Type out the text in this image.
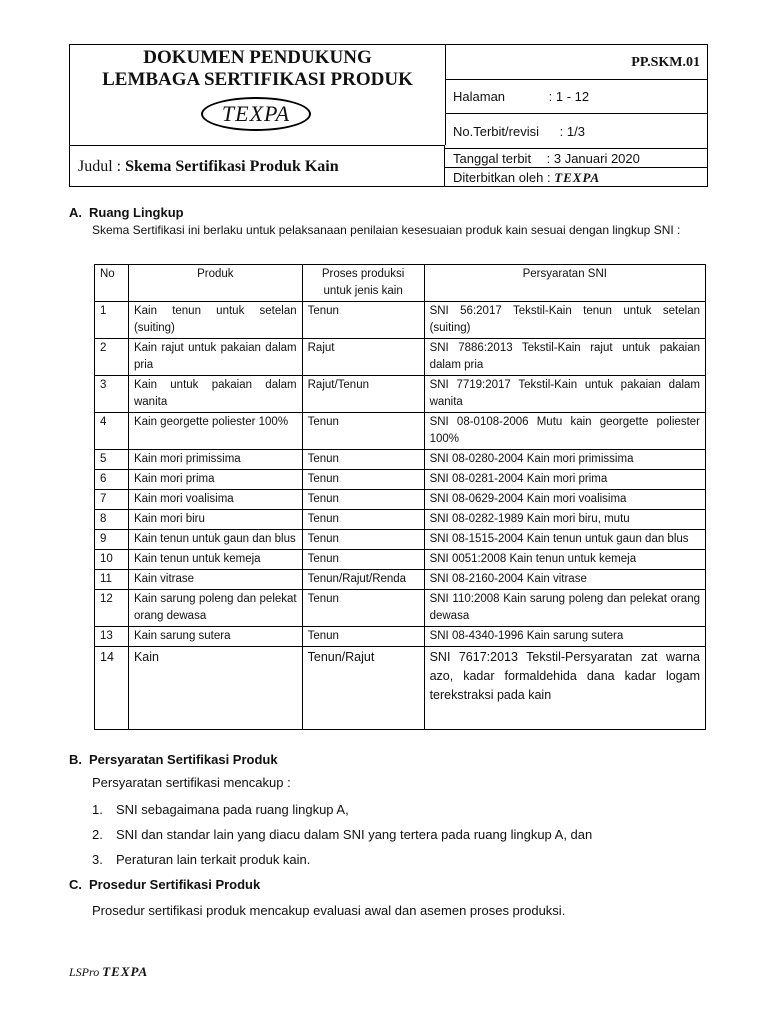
DOKUMEN PENDUKUNG
LEMBAGA SERTIFIKASI PRODUK
TEXPA
Judul : Skema Sertifikasi Produk Kain
PP.SKM.01
Halaman	: 1 - 12
No.Terbit/revisi : 1/3
Tanggal terbit : 3 Januari 2020
Diterbitkan oleh : TEXPA
A. Ruang Lingkup
Skema Sertifikasi ini berlaku untuk pelaksanaan penilaian kesesuaian produk kain sesuai dengan lingkup SNI :
No	Produk	Proses produksi untuk jenis kain	Persyaratan SNI
1	Kain tenun untuk setelan (suiting)	Tenun	SNI 56:2017 Tekstil-Kain tenun untuk setelan (suiting)
2	Kain rajut untuk pakaian dalam pria	Rajut	SNI 7886:2013 Tekstil-Kain rajut untuk pakaian dalam pria
3	Kain untuk pakaian dalam wanita	Rajut/Tenun	SNI 7719:2017 Tekstil-Kain untuk pakaian dalam wanita
4	Kain georgette poliester 100%	Tenun	SNI 08-0108-2006 Mutu kain georgette poliester 100%
5	Kain mori primissima	Tenun	SNI 08-0280-2004 Kain mori primissima
6	Kain mori prima	Tenun	SNI 08-0281-2004 Kain mori prima
7	Kain mori voalisima	Tenun	SNI 08-0629-2004 Kain mori voalisima
8	Kain mori biru	Tenun	SNI 08-0282-1989 Kain mori biru, mutu
9	Kain tenun untuk gaun dan blus	Tenun	SNI 08-1515-2004 Kain tenun untuk gaun dan blus
10	Kain tenun untuk kemeja	Tenun	SNI 0051:2008 Kain tenun untuk kemeja
11	Kain vitrase	Tenun/Rajut/Renda	SNI 08-2160-2004 Kain vitrase
12	Kain sarung poleng dan pelekat orang dewasa	Tenun	SNI 110:2008 Kain sarung poleng dan pelekat orang dewasa
13	Kain sarung sutera	Tenun	SNI 08-4340-1996 Kain sarung sutera
14	Kain	Tenun/Rajut	SNI 7617:2013 Tekstil-Persyaratan zat warna azo, kadar formaldehida dana kadar logam terekstraksi pada kain
B. Persyaratan Sertifikasi Produk
Persyaratan sertifikasi mencakup :
1. SNI sebagaimana pada ruang lingkup A,
2. SNI dan standar lain yang diacu dalam SNI yang tertera pada ruang lingkup A, dan
3. Peraturan lain terkait produk kain.
C. Prosedur Sertifikasi Produk
Prosedur sertifikasi produk mencakup evaluasi awal dan asemen proses produksi.
LSPro TEXPA
